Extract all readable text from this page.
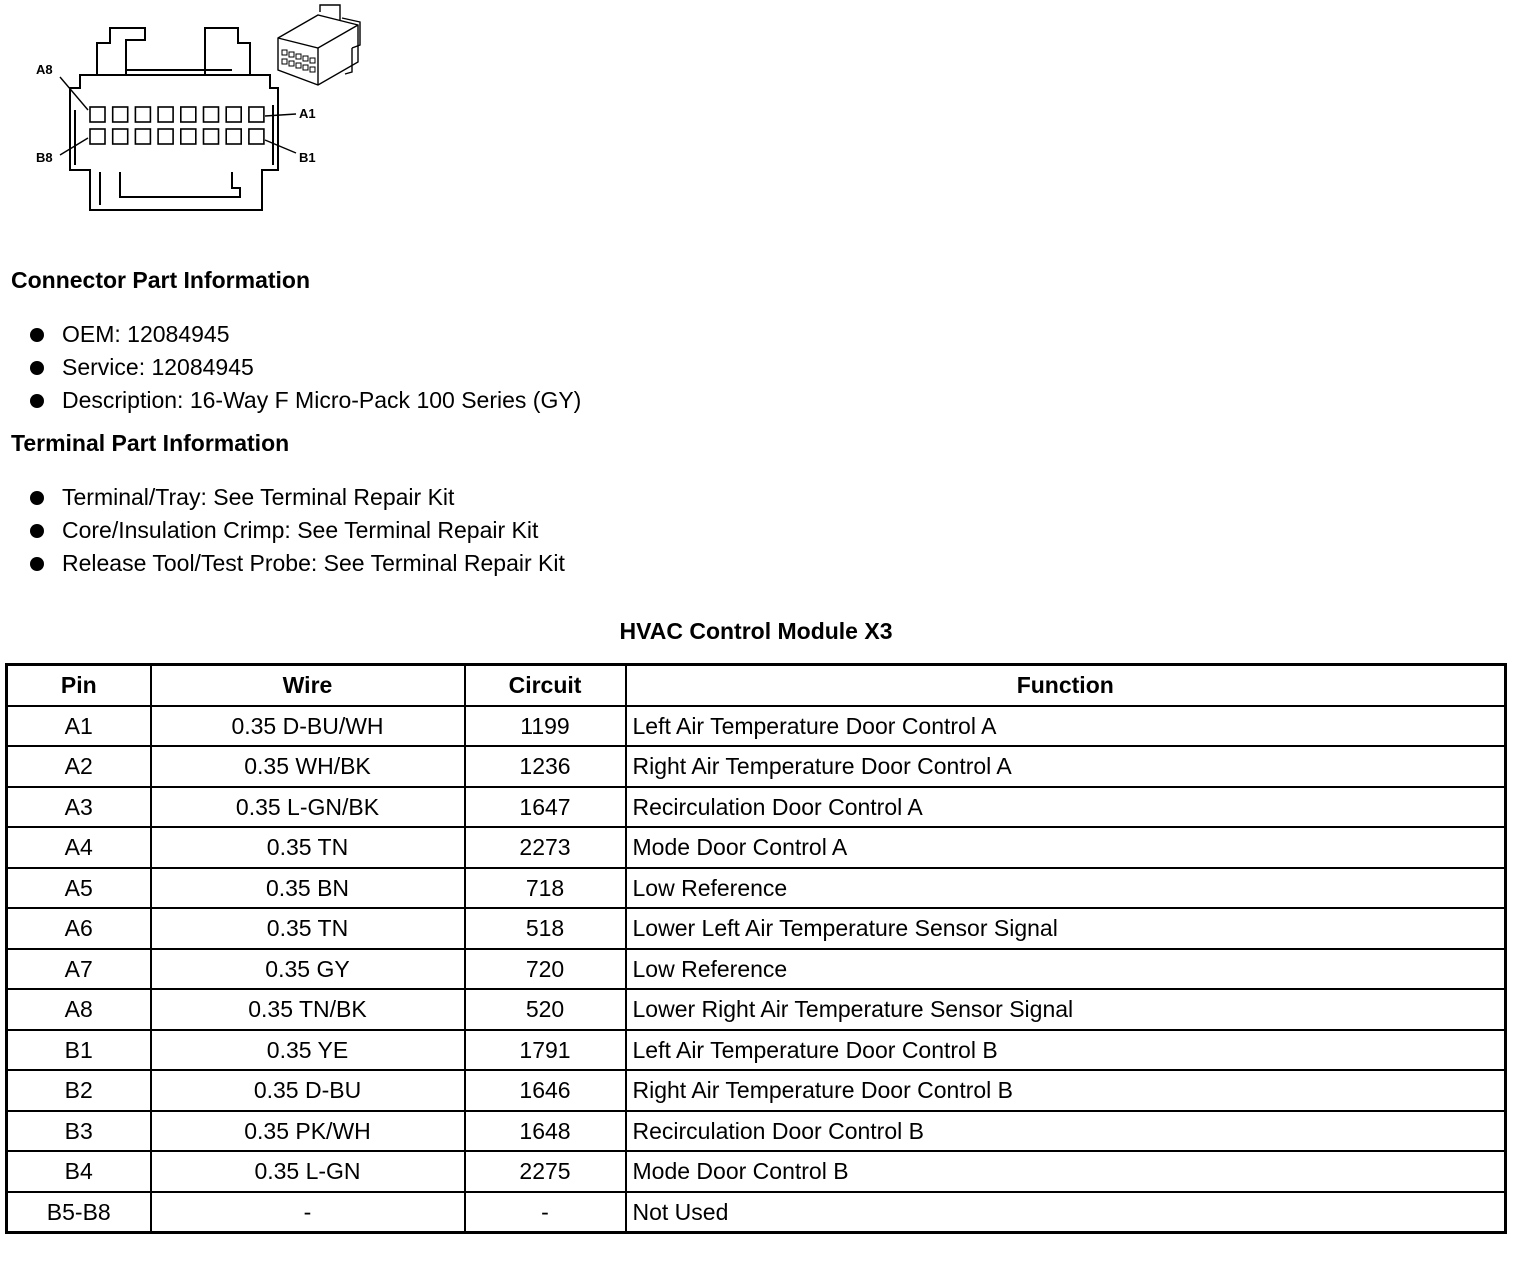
A8
A1
B8	B1
Connector Part Information
OEM: 12084945
Service: 12084945
Description: 16-Way F Micro-Pack 100 Series (GY)
Terminal Part Information
Terminal/Tray: See Terminal Repair Kit
Core/Insulation Crimp: See Terminal Repair Kit
Release Tool/Test Probe: See Terminal Repair Kit
HVAC Control Module X3
Pin	Wire	Circuit	Function
A1	0.35 D-BU/WH	1199	Left Air Temperature Door Control A
A2	0.35 WH/BK	1236	Right Air Temperature Door Control A
A3	0.35 L-GN/BK	1647	Recirculation Door Control A
A4	0.35 TN	2273	Mode Door Control A
A5	0.35 BN	718	Low Reference
A6	0.35 TN	518	Lower Left Air Temperature Sensor Signal
A7	0.35 GY	720	Low Reference
A8	0.35 TN/BK	520	Lower Right Air Temperature Sensor Signal
B1	0.35 YE	1791	Left Air Temperature Door Control B
B2	0.35 D-BU	1646	Right Air Temperature Door Control B
B3	0.35 PK/WH	1648	Recirculation Door Control B
B4	0.35 L-GN	2275	Mode Door Control B
B5-B8	-	-	Not Used
